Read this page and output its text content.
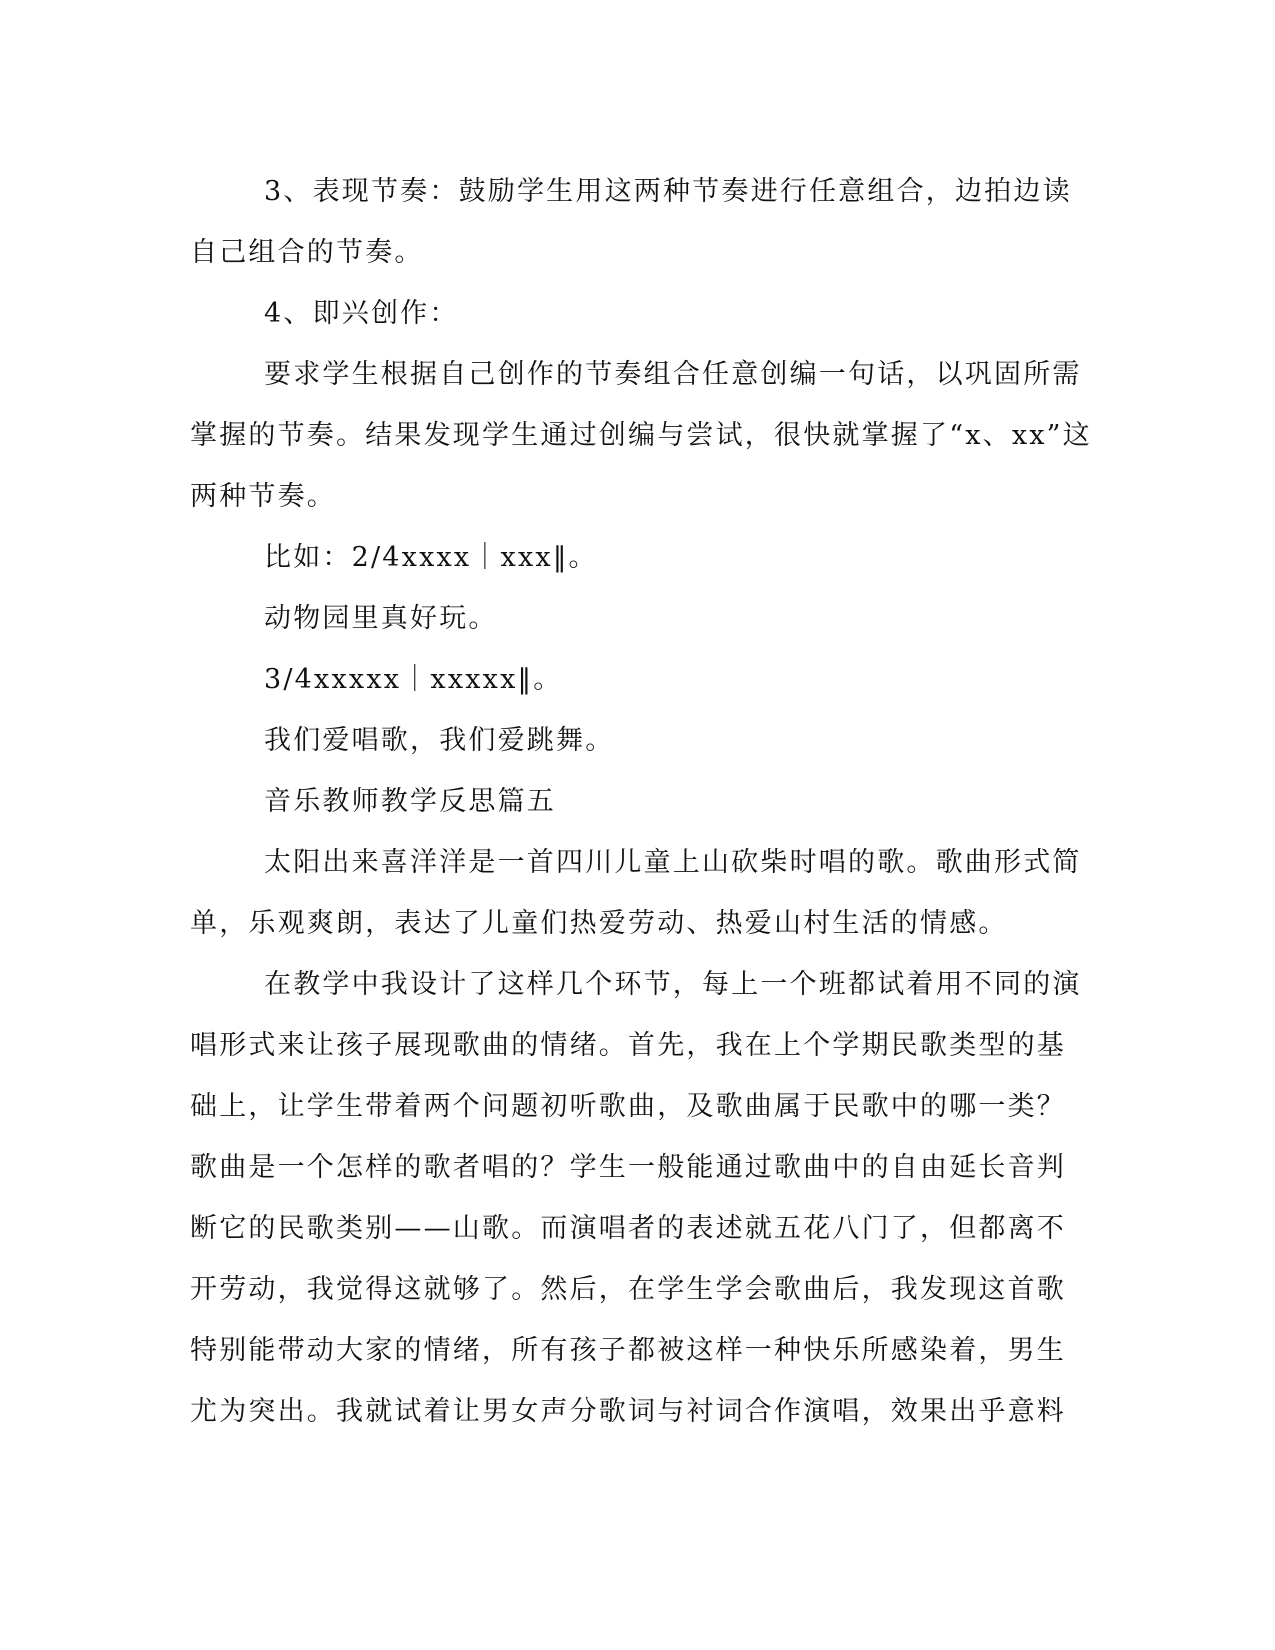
3、表现节奏：鼓励学生用这两种节奏进行任意组合，边拍边读
自己组合的节奏。
4、即兴创作：
要求学生根据自己创作的节奏组合任意创编一句话，以巩固所需
掌握的节奏。结果发现学生通过创编与尝试，很快就掌握了“x、xx”这
两种节奏。
比如：2/4xxxx｜xxx‖。
动物园里真好玩。
3/4xxxxx｜xxxxx‖。
我们爱唱歌，我们爱跳舞。
音乐教师教学反思篇五
太阳出来喜洋洋是一首四川儿童上山砍柴时唱的歌。歌曲形式简
单，乐观爽朗，表达了儿童们热爱劳动、热爱山村生活的情感。
在教学中我设计了这样几个环节，每上一个班都试着用不同的演
唱形式来让孩子展现歌曲的情绪。首先，我在上个学期民歌类型的基
础上，让学生带着两个问题初听歌曲，及歌曲属于民歌中的哪一类？
歌曲是一个怎样的歌者唱的？学生一般能通过歌曲中的自由延长音判
断它的民歌类别——山歌。而演唱者的表述就五花八门了，但都离不
开劳动，我觉得这就够了。然后，在学生学会歌曲后，我发现这首歌
特别能带动大家的情绪，所有孩子都被这样一种快乐所感染着，男生
尤为突出。我就试着让男女声分歌词与衬词合作演唱，效果出乎意料
